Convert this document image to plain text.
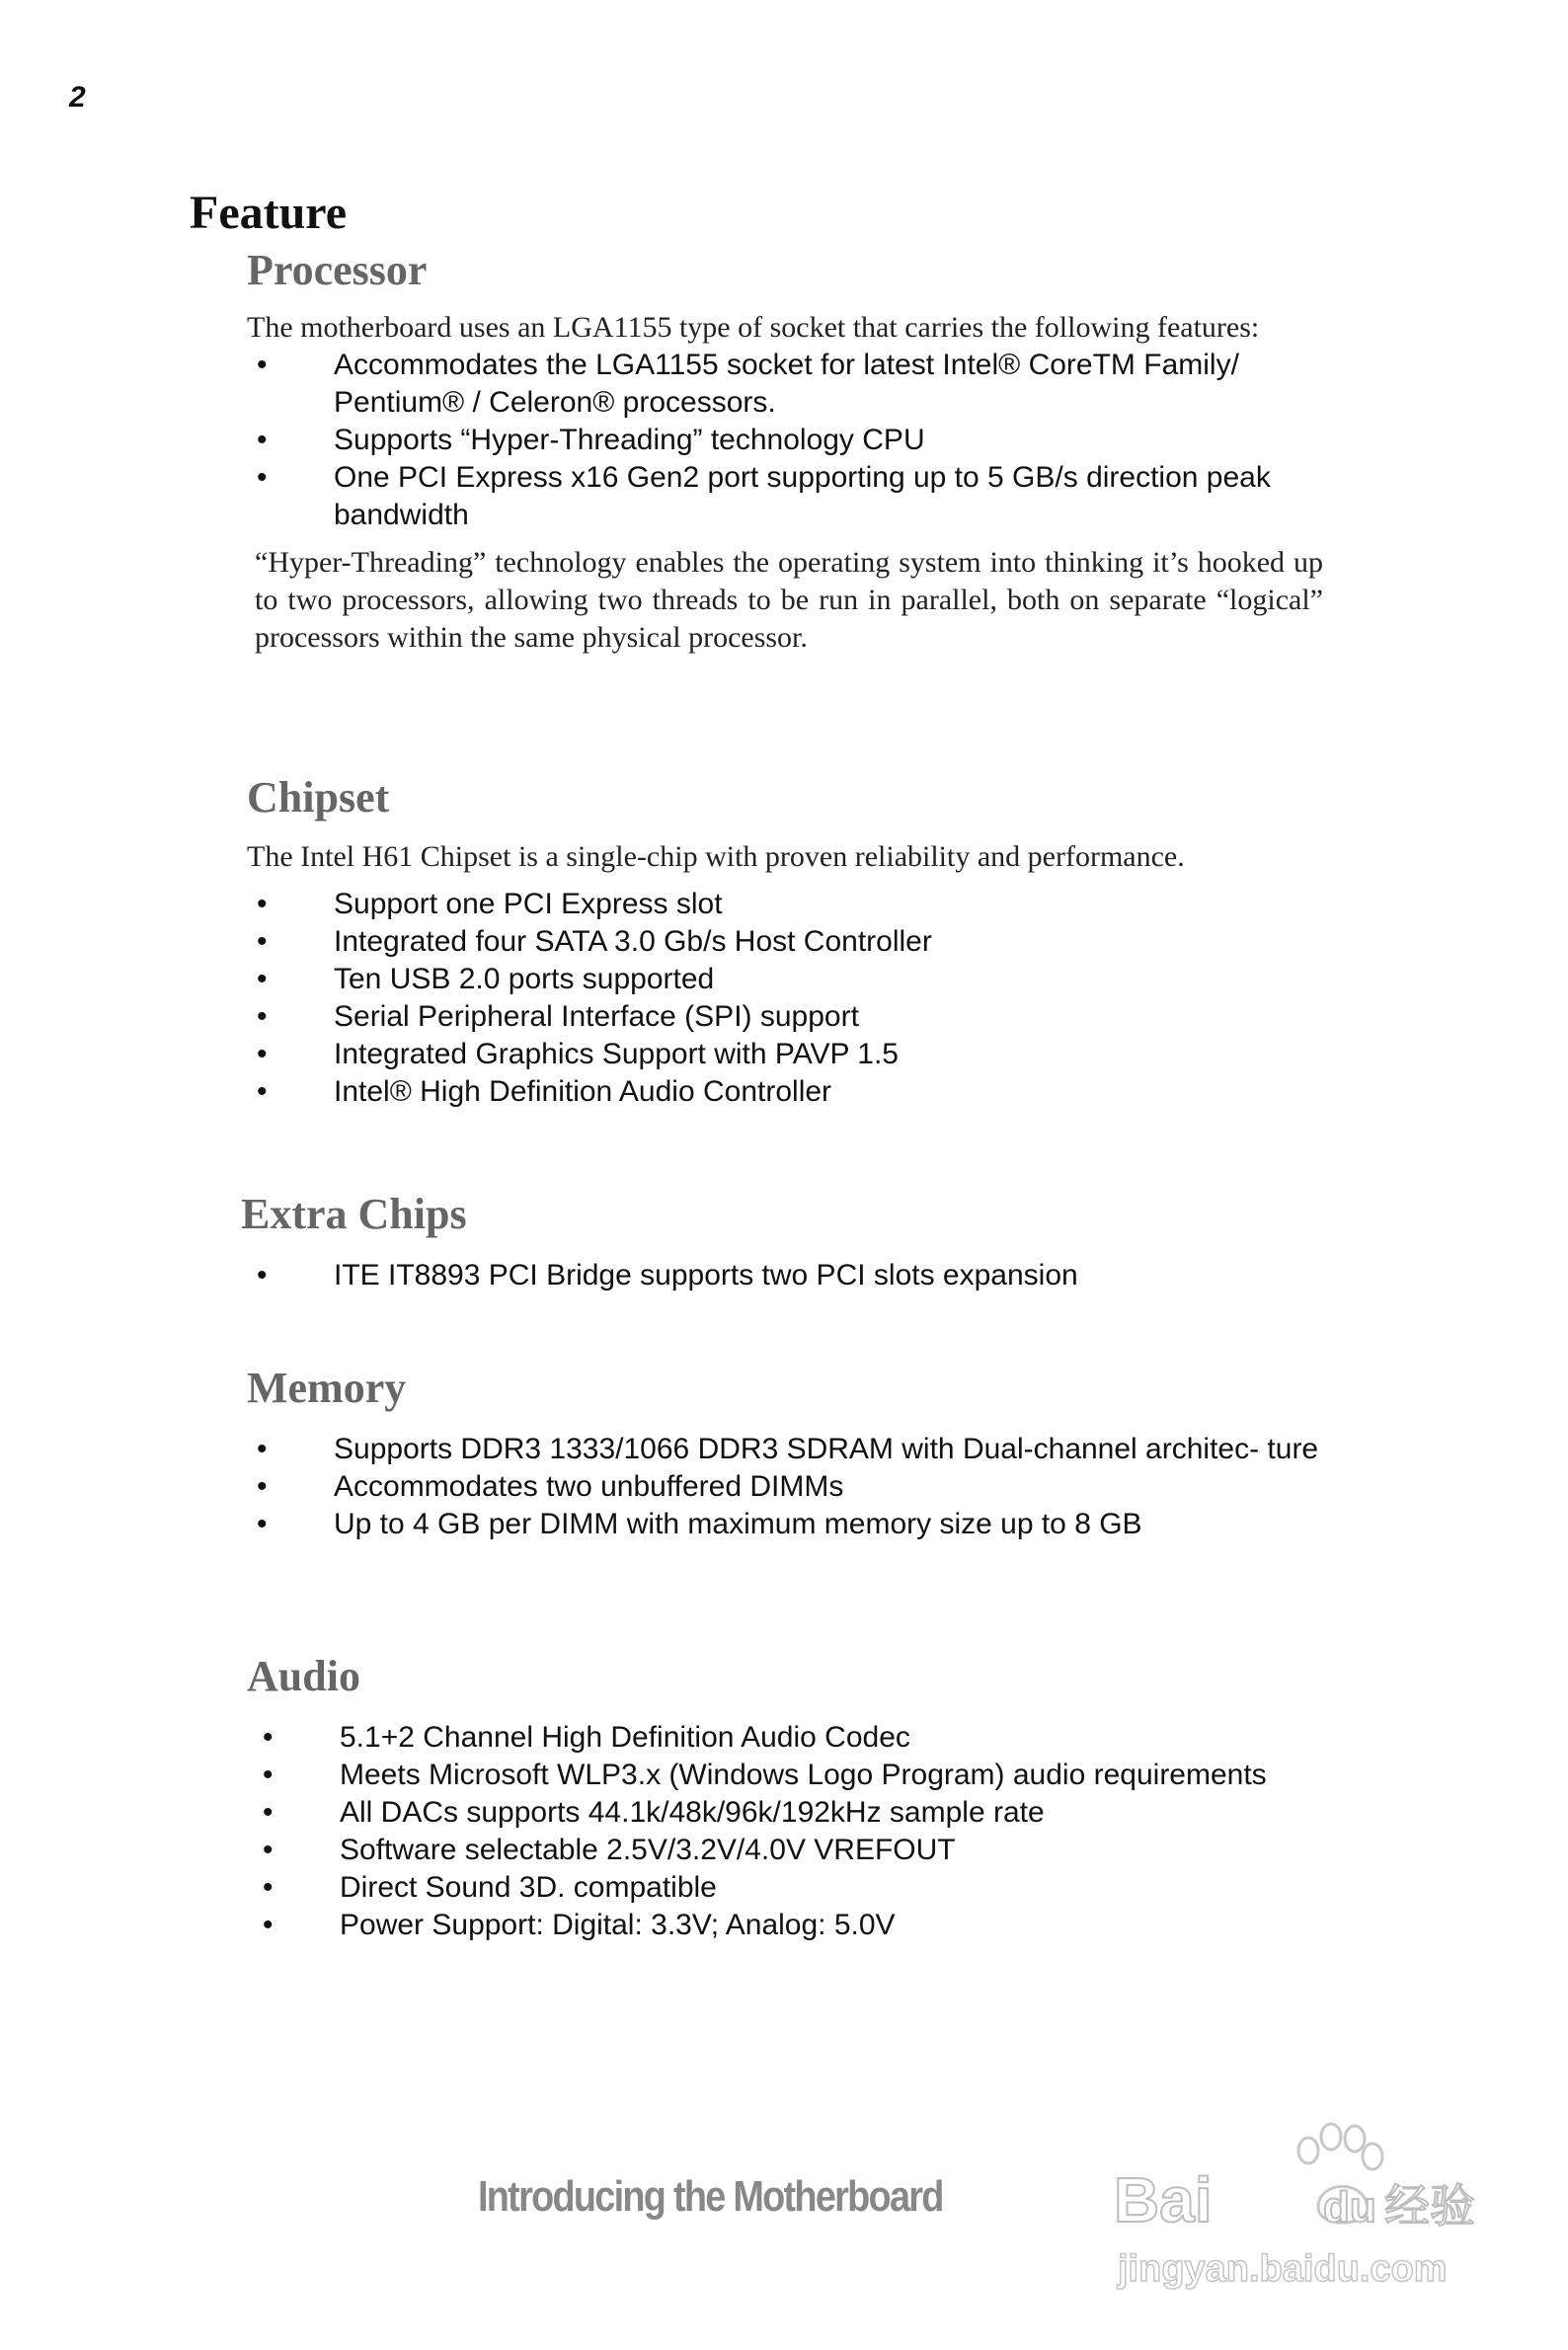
2
Feature
Processor

The motherboard uses an LGA1155 type of socket that carries the following features:

• Accommodates the LGA1155 socket for latest Intel® CoreTM Family/ Pentium® / Celeron® processors.
• Supports “Hyper-Threading” technology CPU
• One PCI Express x16 Gen2 port supporting up to 5 GB/s direction peak bandwidth

“Hyper-Threading” technology enables the operating system into thinking it’s hooked up to two processors, allowing two threads to be run in parallel, both on separate “logical” processors within the same physical processor.

Chipset

The Intel H61 Chipset is a single-chip with proven reliability and performance.

• Support one PCI Express slot
• Integrated four SATA 3.0 Gb/s Host Controller
• Ten USB 2.0 ports supported
• Serial Peripheral Interface (SPI) support
• Integrated Graphics Support with PAVP 1.5
• Intel® High Definition Audio Controller
Extra Chips
• ITE IT8893 PCI Bridge supports two PCI slots expansion
Memory
• Supports DDR3 1333/1066 DDR3 SDRAM with Dual-channel architec- ture
• Accommodates two unbuffered DIMMs
• Up to 4 GB per DIMM with maximum memory size up to 8 GB
Audio
• 5.1+2 Channel High Definition Audio Codec
• Meets Microsoft WLP3.x (Windows Logo Program) audio requirements
• All DACs supports 44.1k/48k/96k/192kHz sample rate
• Software selectable 2.5V/3.2V/4.0V VREFOUT
• Direct Sound 3D. compatible
• Power Support: Digital: 3.3V; Analog: 5.0V
Introducing the Motherboard	Bai	du 经验
jingyan.baidu.com
